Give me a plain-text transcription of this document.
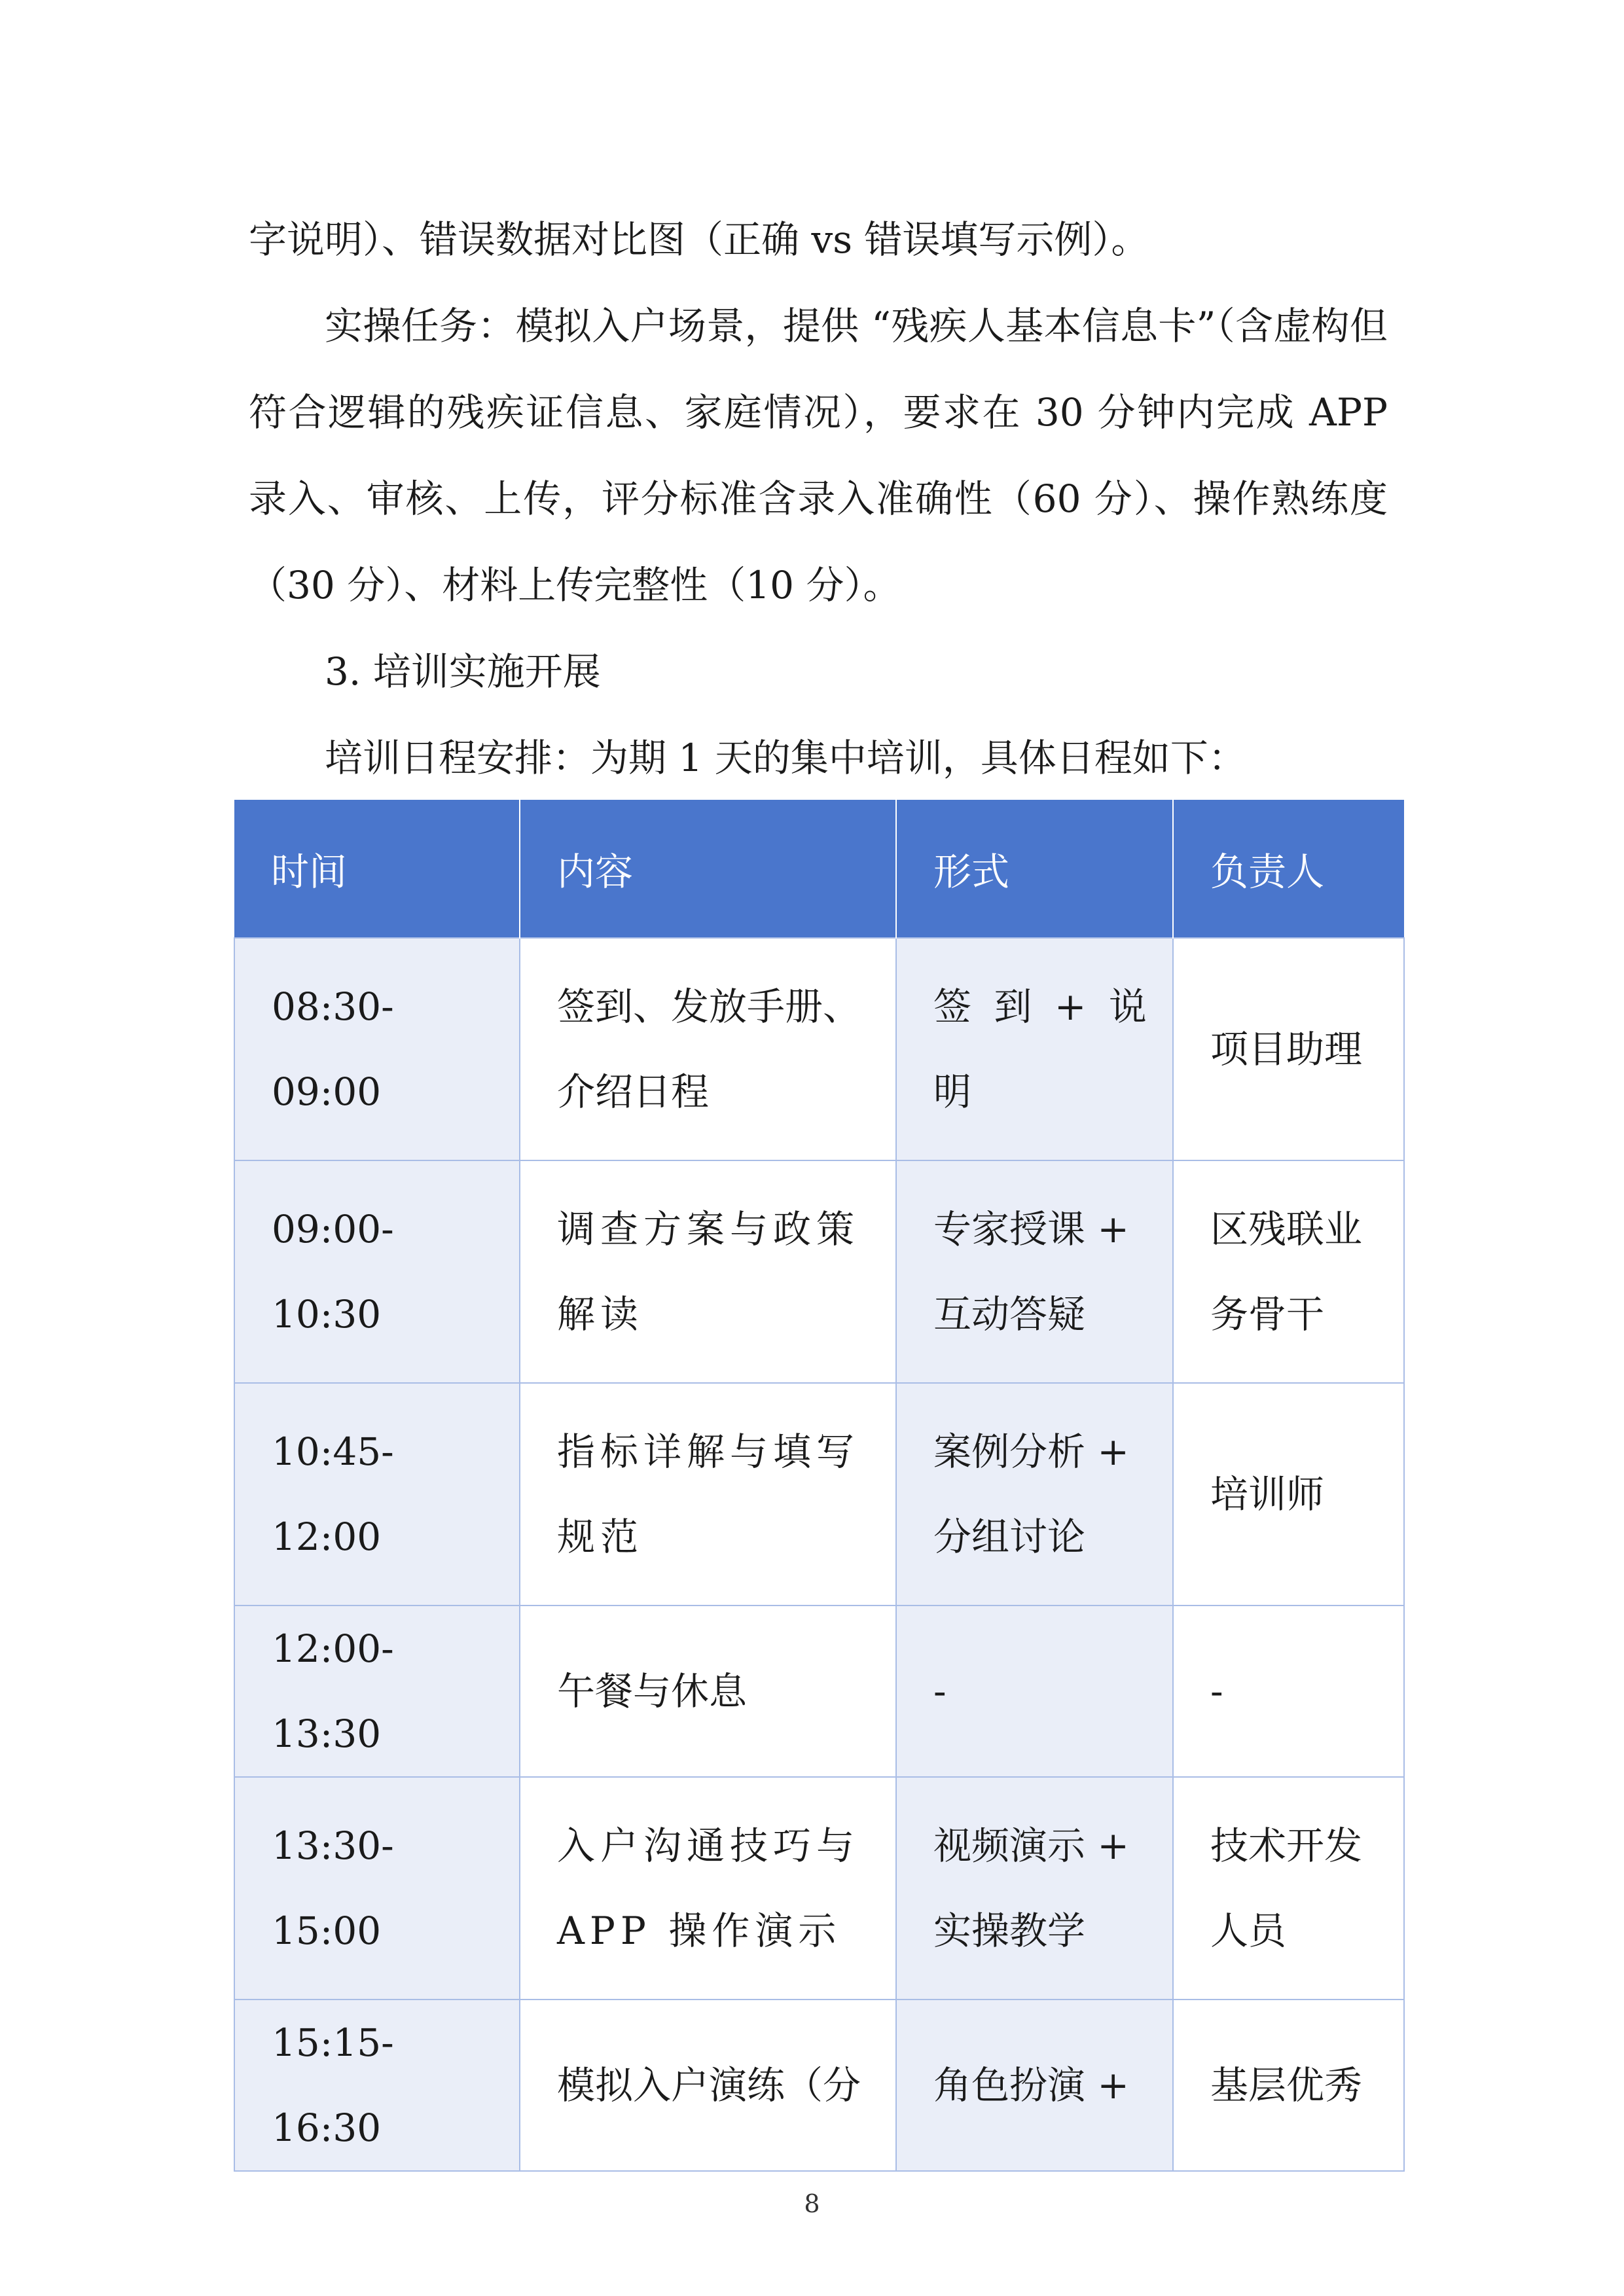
字说明）、错误数据对比图（正确 vs 错误填写示例）。

实操任务：模拟入户场景，提供 “残疾人基本信息卡”（含虚构但符合逻辑的残疾证信息、家庭情况），要求在 30 分钟内完成 APP 录入、审核、上传，评分标准含录入准确性（60 分）、操作熟练度（30 分）、材料上传完整性（10 分）。

3. 培训实施开展

培训日程安排：为期 1 天的集中培训，具体日程如下：

时间	内容	形式	负责人
08:30-09:00	签到、发放手册、介绍日程	签 到 + 说明	项目助理
09:00-10:30	调查方案与政策解读	专家授课 + 互动答疑	区残联业务骨干
10:45-12:00	指标详解与填写规范	案例分析 + 分组讨论	培训师
12:00-13:30	午餐与休息	-	-
13:30-15:00	入户沟通技巧与 APP 操作演示	视频演示 + 实操教学	技术开发人员
15:15-16:30	模拟入户演练（分	角色扮演 +	基层优秀
8
